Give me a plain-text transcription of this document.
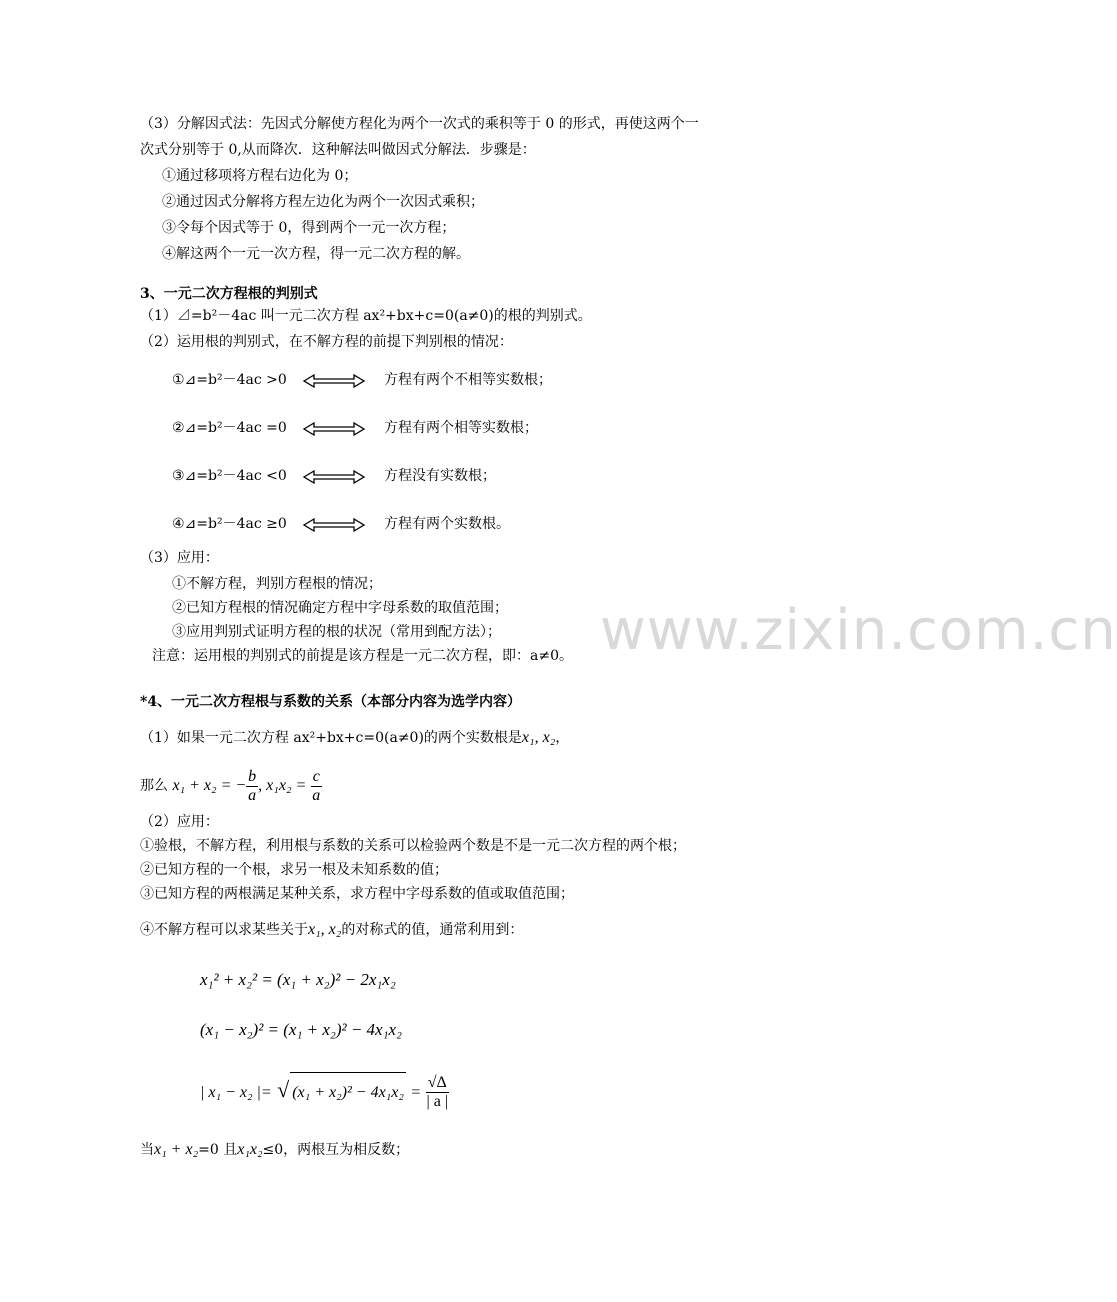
www.zixin.com.cn
（3）分解因式法：先因式分解使方程化为两个一次式的乘积等于 0 的形式，再使这两个一
次式分别等于 0,从而降次．这种解法叫做因式分解法．步骤是：
①通过移项将方程右边化为 0；
②通过因式分解将方程左边化为两个一次因式乘积；
③令每个因式等于 0，得到两个一元一次方程；
④解这两个一元一次方程，得一元二次方程的解。
3、一元二次方程根的判别式
（1）⊿=b²－4ac 叫一元二次方程 ax²+bx+c=0(a≠0)的根的判别式。
（2）运用根的判别式，在不解方程的前提下判别根的情况：
①⊿=b²－4ac >0	方程有两个不相等实数根；
②⊿=b²－4ac =0	方程有两个相等实数根；
③⊿=b²－4ac <0	方程没有实数根；
④⊿=b²－4ac ≥0	方程有两个实数根。
（3）应用：
①不解方程，判别方程根的情况；
②已知方程根的情况确定方程中字母系数的取值范围；
③应用判别式证明方程的根的状况（常用到配方法）；
注意：运用根的判别式的前提是该方程是一元二次方程，即：a≠0。
*4、一元二次方程根与系数的关系（本部分内容为选学内容）
（1）如果一元二次方程 ax²+bx+c=0(a≠0)的两个实数根是x₁, x₂，
那么 x₁ + x₂ = − $\frac{b}{a}$ , $x_1x_2 = \frac{c}{a}$
（2）应用：
①验根，不解方程，利用根与系数的关系可以检验两个数是不是一元二次方程的两个根；
②已知方程的一个根，求另一根及未知系数的值；
③已知方程的两根满足某种关系，求方程中字母系数的值或取值范围；
④不解方程可以求某些关于x₁, x₂的对称式的值，通常利用到：
x₁² + x₂² = (x₁ + x₂)² − 2x₁x₂
(x₁ − x₂)² = (x₁ + x₂)² − 4x₁x₂
| x₁ − x₂ |= √ $(x_1 + x_2)^2 - 4x_1x_2 = \frac{√\Delta}{| a |}$
当x₁ + x₂=0 且x₁x₂≤0，两根互为相反数；
